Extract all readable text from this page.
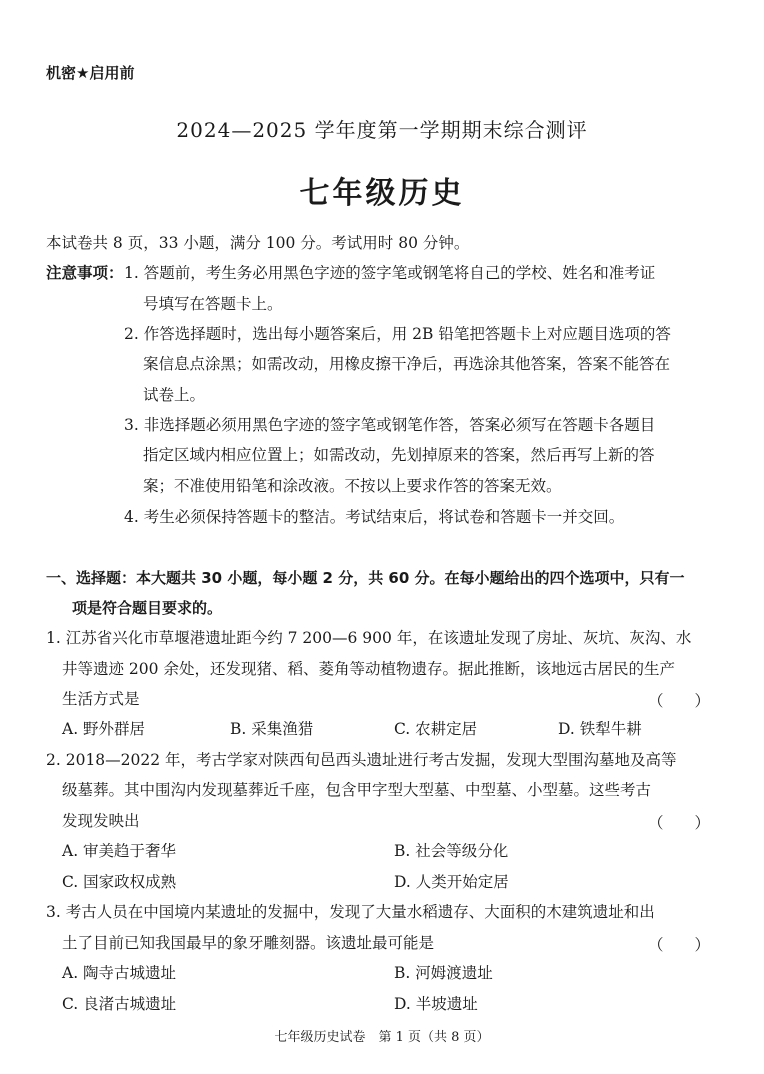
机密★启用前
2024—2025 学年度第一学期期末综合测评
七年级历史
本试卷共 8 页，33 小题，满分 100 分。考试用时 80 分钟。
注意事项： 1. 答题前，考生务必用黑色字迹的签字笔或钢笔将自己的学校、姓名和准考证
号填写在答题卡上。
2. 作答选择题时，选出每小题答案后，用 2B 铅笔把答题卡上对应题目选项的答
案信息点涂黑；如需改动，用橡皮擦干净后，再选涂其他答案，答案不能答在
试卷上。
3. 非选择题必须用黑色字迹的签字笔或钢笔作答，答案必须写在答题卡各题目
指定区域内相应位置上；如需改动，先划掉原来的答案，然后再写上新的答
案；不准使用铅笔和涂改液。不按以上要求作答的答案无效。
4. 考生必须保持答题卡的整洁。考试结束后，将试卷和答题卡一并交回。
一、选择题：本大题共 30 小题，每小题 2 分，共 60 分。在每小题给出的四个选项中，只有一
项是符合题目要求的。
1. 江苏省兴化市草堰港遗址距今约 7 200—6 900 年，在该遗址发现了房址、灰坑、灰沟、水
井等遗迹 200 余处，还发现猪、稻、菱角等动植物遗存。据此推断，该地远古居民的生产
生活方式是	（　　）
A. 野外群居	B. 采集渔猎	C. 农耕定居	D. 铁犁牛耕
2. 2018—2022 年，考古学家对陕西旬邑西头遗址进行考古发掘，发现大型围沟墓地及高等
级墓葬。其中围沟内发现墓葬近千座，包含甲字型大型墓、中型墓、小型墓。这些考古
发现发映出	（　　）
A. 审美趋于奢华	B. 社会等级分化
C. 国家政权成熟	D. 人类开始定居
3. 考古人员在中国境内某遗址的发掘中，发现了大量水稻遗存、大面积的木建筑遗址和出
土了目前已知我国最早的象牙雕刻器。该遗址最可能是	（　　）
A. 陶寺古城遗址	B. 河姆渡遗址
C. 良渚古城遗址	D. 半坡遗址
七年级历史试卷　第 1 页（共 8 页）
